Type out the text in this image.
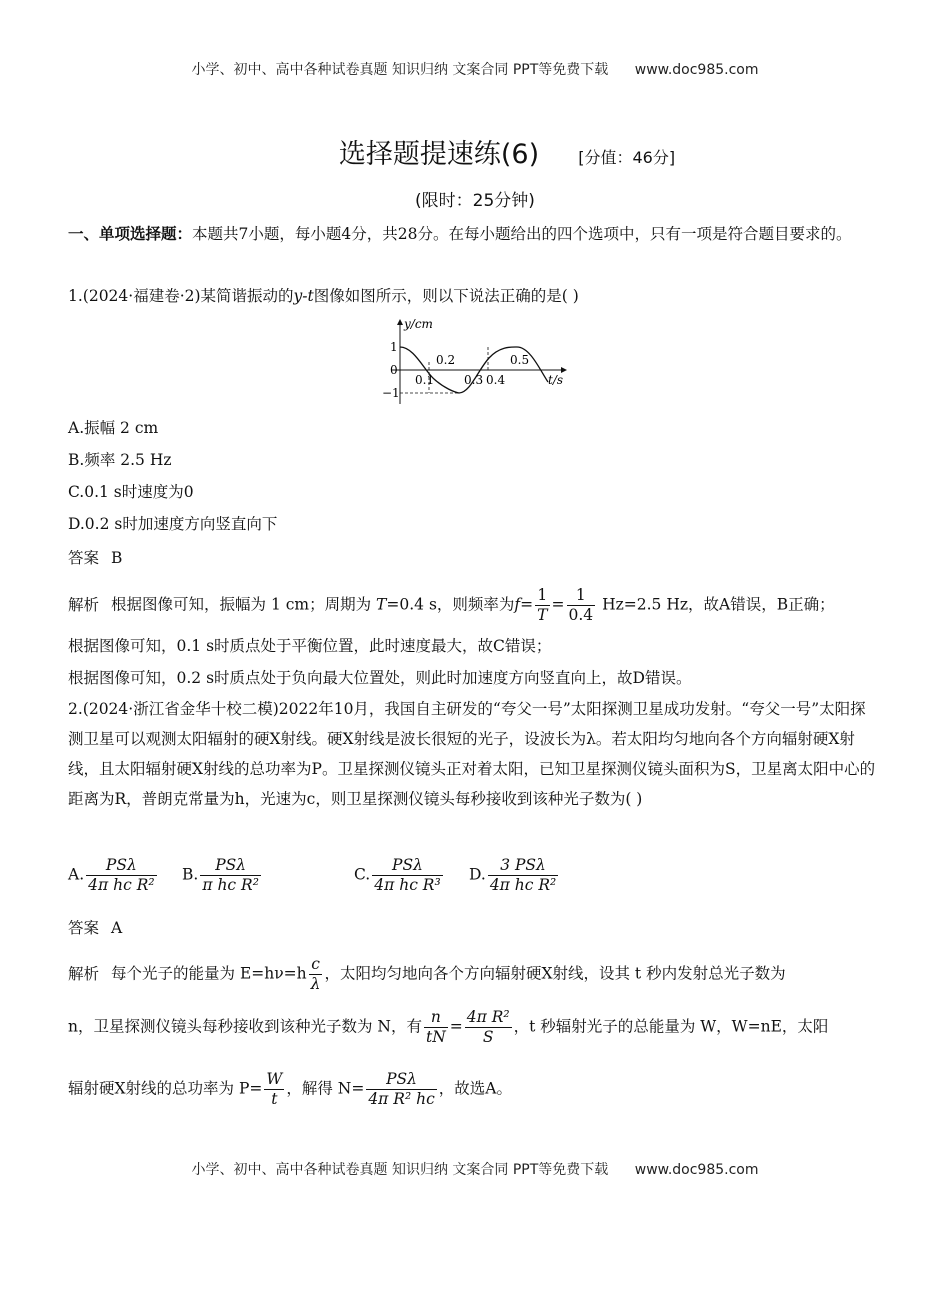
小学、初中、高中各种试卷真题 知识归纳 文案合同 PPT等免费下载 www.doc985.com
选择题提速练(6) [分值：46分]
(限时：25分钟)
一、单项选择题：本题共7小题，每小题4分，共28分。在每小题给出的四个选项中，只有一项是符合题目要求的。
1.(2024·福建卷·2)某简谐振动的y-t图像如图所示，则以下说法正确的是( )
y/cm
t/s
1
0
−1
0.1
0.2
0.3 0.4
0.5
A.振幅 2 cm
B.频率 2.5 Hz
C.0.1 s时速度为0
D.0.2 s时加速度方向竖直向下
答案 B
解析 根据图像可知，振幅为 1 cm；周期为 T=0.4 s，则频率为$f= \frac{1}{T} = \frac{1}{0.4} Hz=2.5$ Hz，故A错误，B正确；
根据图像可知，0.1 s时质点处于平衡位置，此时速度最大，故C错误；
根据图像可知，0.2 s时质点处于负向最大位置处，则此时加速度方向竖直向上，故D错误。
2.(2024·浙江省金华十校二模)2022年10月，我国自主研发的“夸父一号”太阳探测卫星成功发射。“夸父一号”太阳探测卫星可以观测太阳辐射的硬X射线。硬X射线是波长很短的光子，设波长为λ。若太阳均匀地向各个方向辐射硬X射线，且太阳辐射硬X射线的总功率为P。卫星探测仪镜头正对着太阳，已知卫星探测仪镜头面积为S，卫星离太阳中心的距离为R，普朗克常量为h，光速为c，则卫星探测仪镜头每秒接收到该种光子数为( )
A. $\frac{\text{PSλ}}{\text{4π hc R²}} B$. $\frac{\text{PSλ}}{\text{π hc R²}}$	C. $\frac{\text{PSλ}}{\text{4π hc R³}} D$. $\frac{\text{3 PSλ}}{\text{4π hc R²}}$
答案 A
解析 每个光子的能量为 $E=h\nu=h \frac{c}{\lambda}$ ，太阳均匀地向各个方向辐射硬X射线，设其 t 秒内发射总光子数为
n，卫星探测仪镜头每秒接收到该种光子数为 N，有 $\frac{n}{tN} = \frac{\text{4π R²}}{S}$ ，t 秒辐射光子的总能量为 W，W=nE，太阳
辐射硬X射线的总功率为 $P= \frac{W}{t}$ ，解得 $N= \frac{\text{PSλ}}{\text{4π R² hc}}$ ，故选A。
小学、初中、高中各种试卷真题 知识归纳 文案合同 PPT等免费下载 www.doc985.com
